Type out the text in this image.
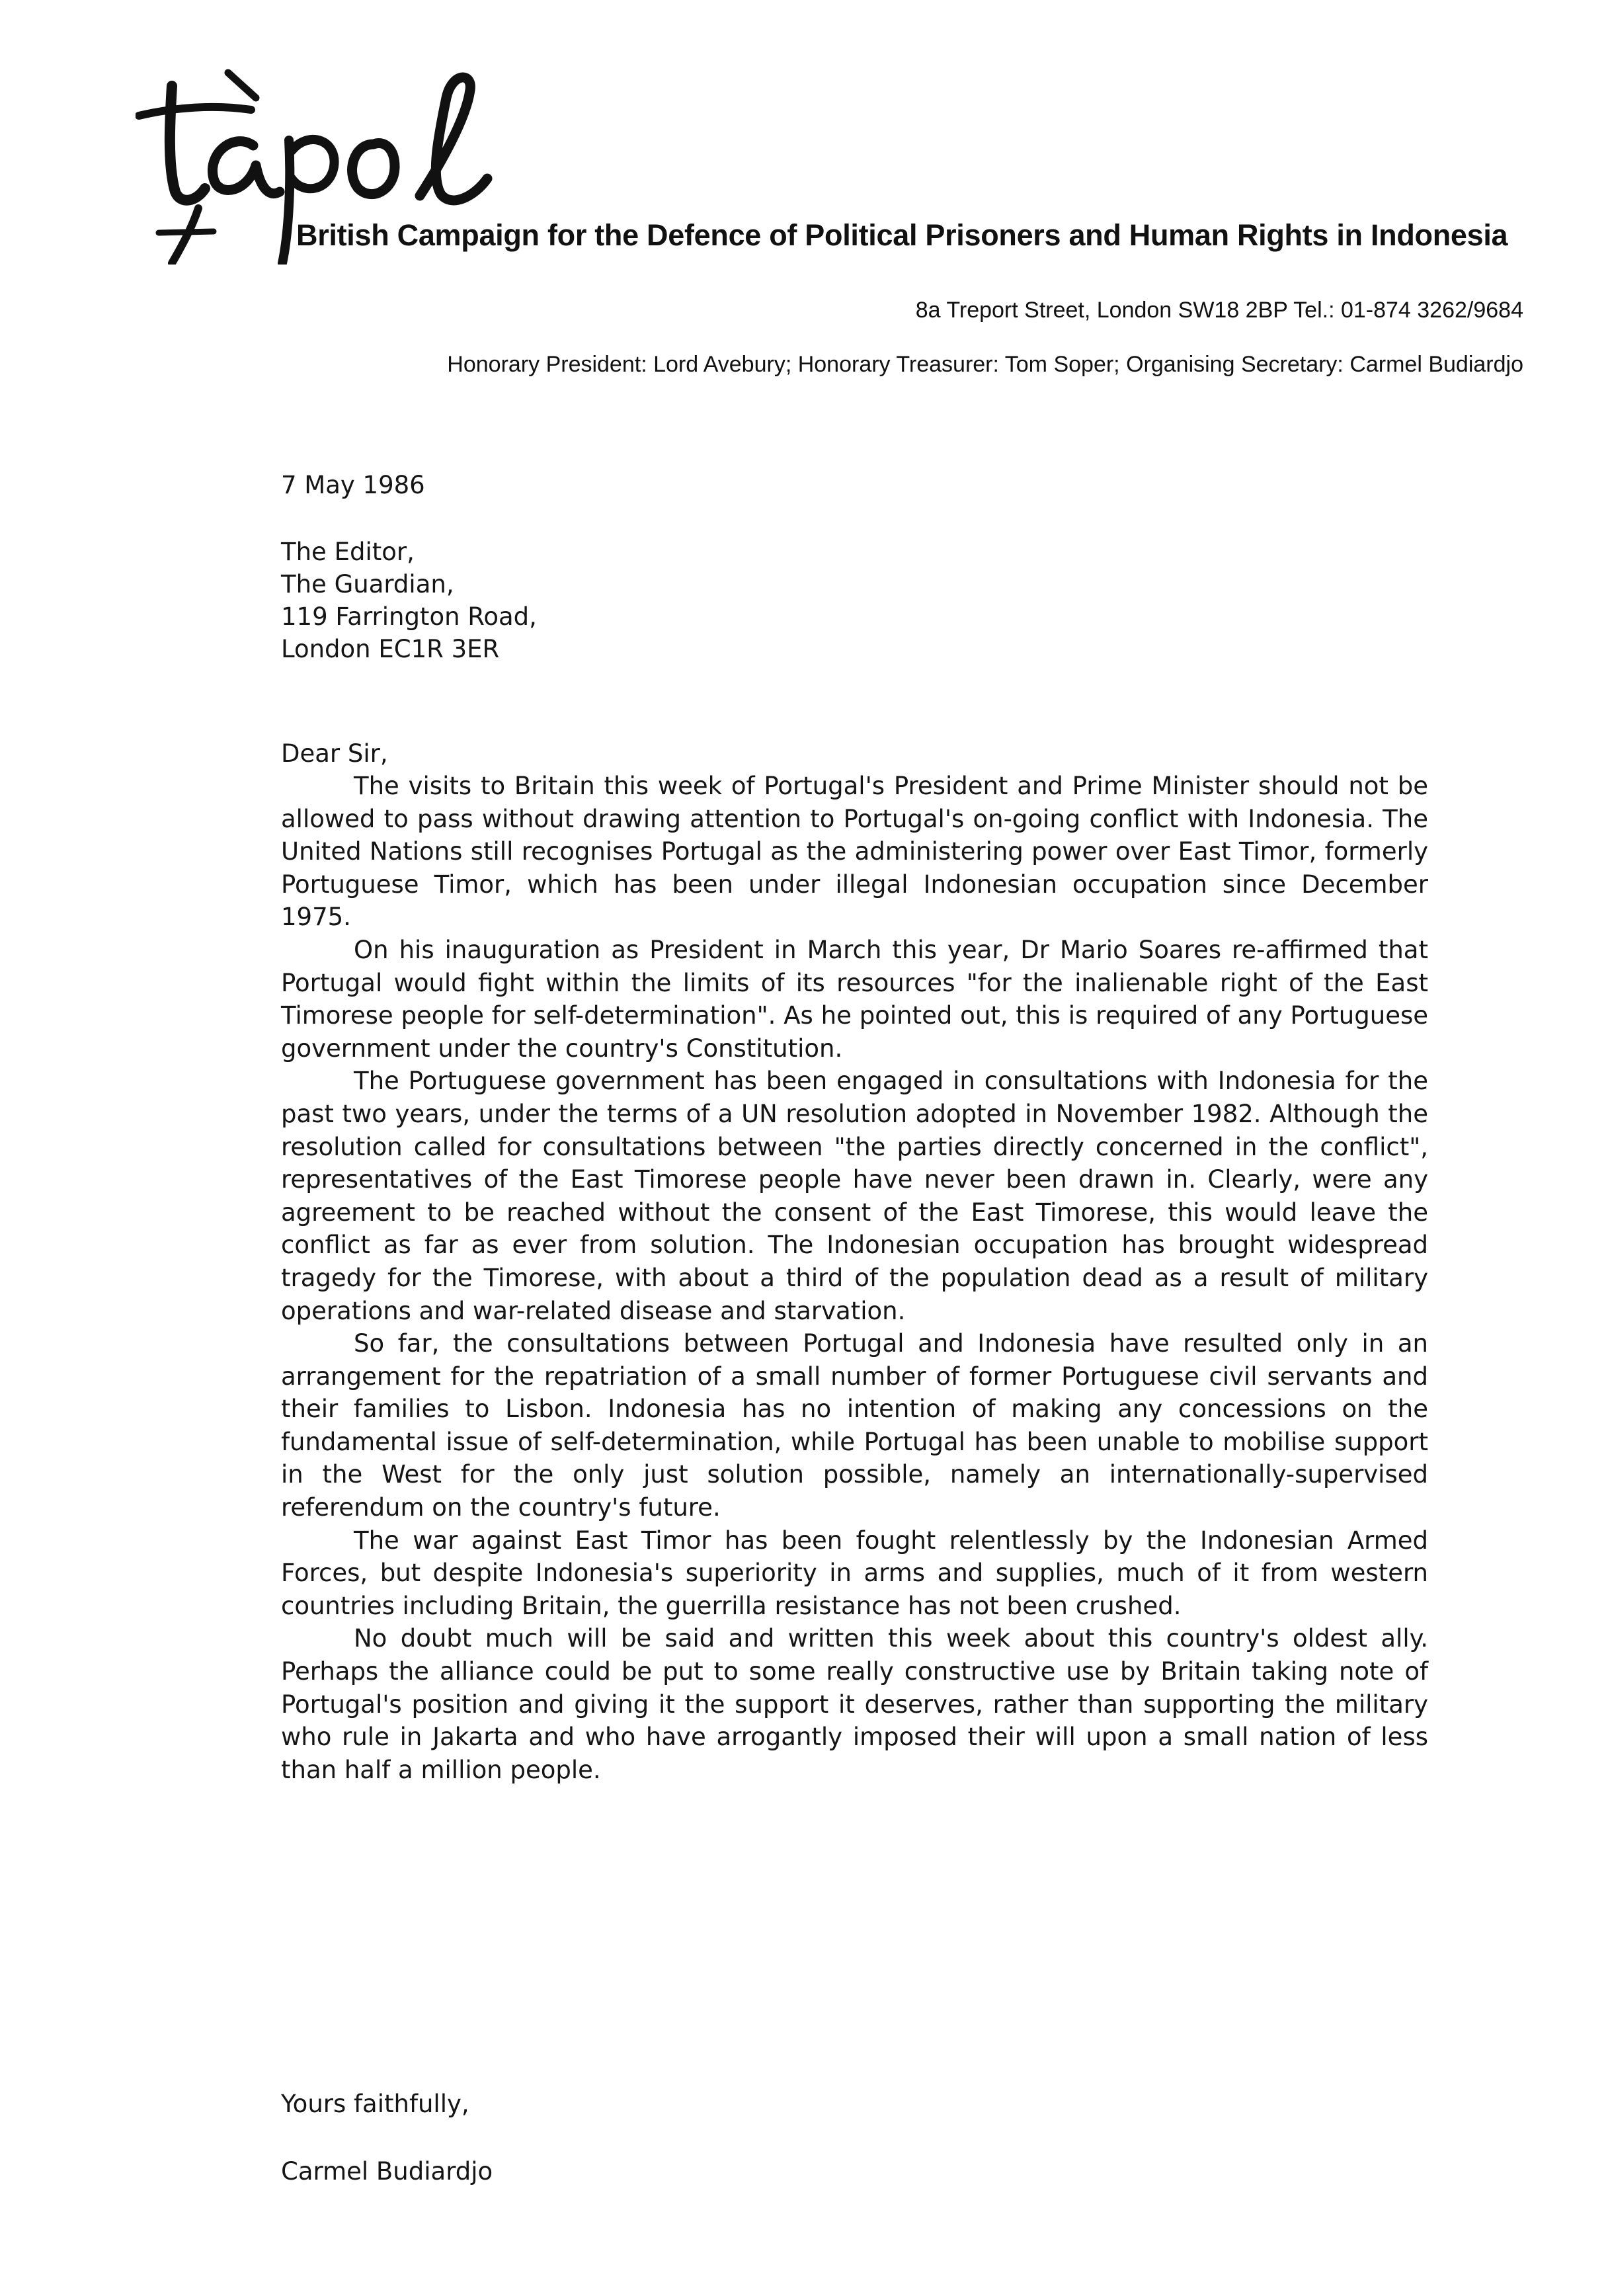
British Campaign for the Defence of Political Prisoners and Human Rights in Indonesia
8a Treport Street, London SW18 2BP Tel.: 01-874 3262/9684
Honorary President: Lord Avebury; Honorary Treasurer: Tom Soper; Organising Secretary: Carmel Budiardjo
7 May 1986
The Editor,
The Guardian,
119 Farrington Road,
London EC1R 3ER
Dear Sir,

The visits to Britain this week of Portugal's President and Prime Minister should not be allowed to pass without drawing attention to Portugal's on-going conflict with Indonesia. The United Nations still recognises Portugal as the administering power over East Timor, formerly Portuguese Timor, which has been under illegal Indonesian occupation since December 1975.

On his inauguration as President in March this year, Dr Mario Soares re-affirmed that Portugal would fight within the limits of its resources "for the inalienable right of the East Timorese people for self-determination". As he pointed out, this is required of any Portuguese government under the country's Constitution.

The Portuguese government has been engaged in consultations with Indonesia for the past two years, under the terms of a UN resolution adopted in November 1982. Although the resolution called for consultations between "the parties directly concerned in the conflict", representatives of the East Timorese people have never been drawn in. Clearly, were any agreement to be reached without the consent of the East Timorese, this would leave the conflict as far as ever from solution. The Indonesian occupation has brought widespread tragedy for the Timorese, with about a third of the population dead as a result of military operations and war-related disease and starvation.

So far, the consultations between Portugal and Indonesia have resulted only in an arrangement for the repatriation of a small number of former Portuguese civil servants and their families to Lisbon. Indonesia has no intention of making any concessions on the fundamental issue of self-determination, while Portugal has been unable to mobilise support in the West for the only just solution possible, namely an internationally-supervised referendum on the country's future.

The war against East Timor has been fought relentlessly by the Indonesian Armed Forces, but despite Indonesia's superiority in arms and supplies, much of it from western countries including Britain, the guerrilla resistance has not been crushed.

No doubt much will be said and written this week about this country's oldest ally. Perhaps the alliance could be put to some really constructive use by Britain taking note of Portugal's position and giving it the support it deserves, rather than supporting the military who rule in Jakarta and who have arrogantly imposed their will upon a small nation of less than half a million people.

Yours faithfully,
Carmel Budiardjo
